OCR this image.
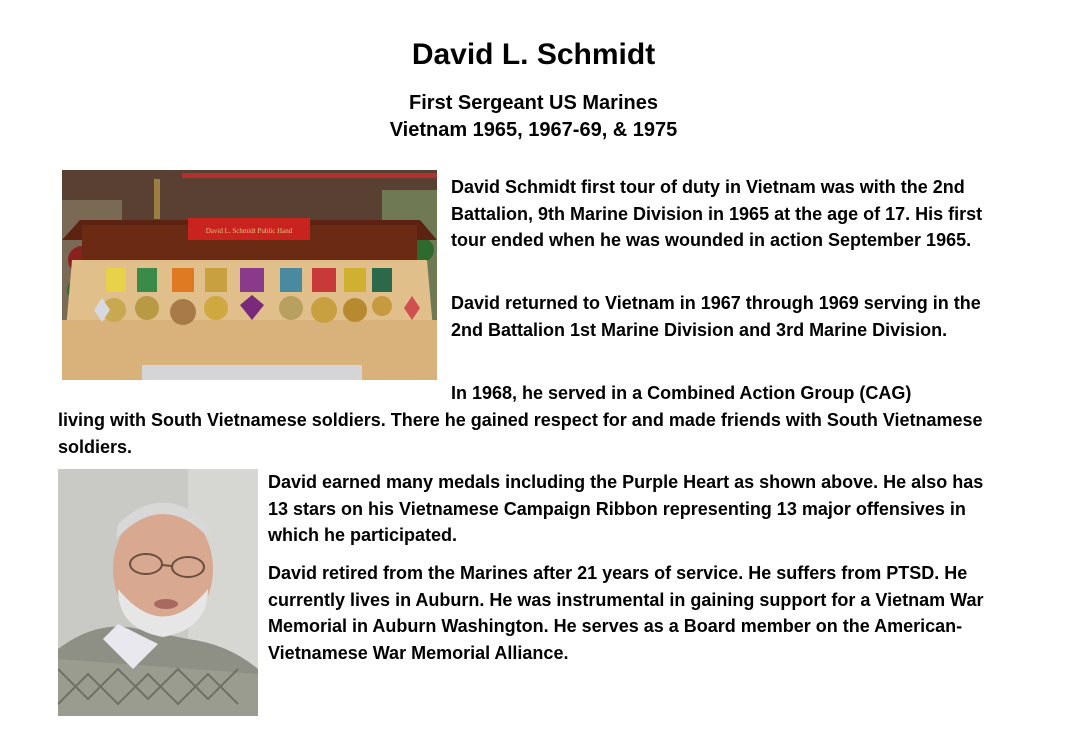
David L. Schmidt
First Sergeant US Marines
Vietnam 1965, 1967-69, & 1975
David L. Schmidt Public Hand

David Schmidt first tour of duty in Vietnam was with the 2nd Battalion, 9th Marine Division in 1965 at the age of 17. His first tour ended when he was wounded in action September 1965.

David returned to Vietnam in 1967 through 1969 serving in the 2nd Battalion 1st Marine Division and 3rd Marine Division.

In 1968, he served in a Combined Action Group (CAG)

living with South Vietnamese soldiers. There he gained respect for and made friends with South Vietnamese soldiers.

David earned many medals including the Purple Heart as shown above. He also has 13 stars on his Vietnamese Campaign Ribbon representing 13 major offensives in which he participated.

David retired from the Marines after 21 years of service. He suffers from PTSD. He currently lives in Auburn. He was instrumental in gaining support for a Vietnam War Memorial in Auburn Washington. He serves as a Board member on the American-Vietnamese War Memorial Alliance.
